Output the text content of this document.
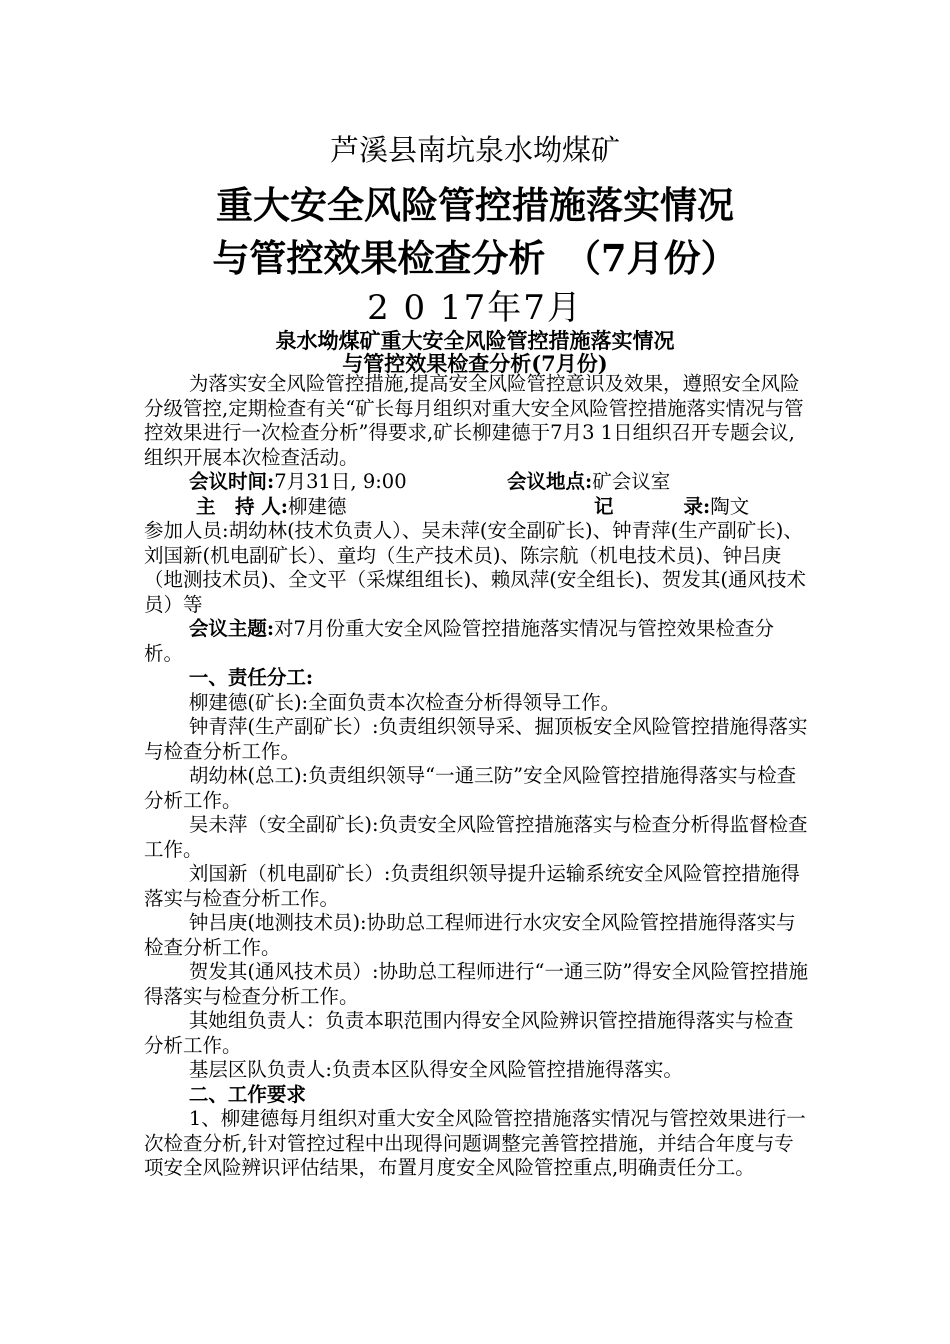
芦溪县南坑泉水坳煤矿
重大安全风险管控措施落实情况
与管控效果检查分析　（7月份）
2 0 17年7月
泉水坳煤矿重大安全风险管控措施落实情况
与管控效果检查分析(7月份)

为落实安全风险管控措施,提高安全风险管控意识及效果，遵照安全风险分级管控,定期检查有关“矿长每月组织对重大安全风险管控措施落实情况与管控效果进行一次检查分析”得要求,矿长柳建德于7月3 1日组织召开专题会议,组织开展本次检查活动。

会议时间:7月31日, 9:00	会议地点:矿会议室
主　持 人:柳建德	记	录:陶文

参加人员:胡幼林(技术负责人）、吴未萍(安全副矿长)、钟青萍(生产副矿长)、刘国新(机电副矿长）、童均（生产技术员)、陈宗航（机电技术员)、钟吕庚（地测技术员)、全文平（采煤组组长)、赖凤萍(安全组长)、贺发其(通风技术员）等

会议主题:对7月份重大安全风险管控措施落实情况与管控效果检查分析。

一、责任分工:

柳建德(矿长):全面负责本次检查分析得领导工作。

钟青萍(生产副矿长）:负责组织领导采、掘顶板安全风险管控措施得落实与检查分析工作。

胡幼林(总工):负责组织领导“一通三防”安全风险管控措施得落实与检查分析工作。

吴未萍（安全副矿长):负责安全风险管控措施落实与检查分析得监督检查工作。

刘国新（机电副矿长）:负责组织领导提升运输系统安全风险管控措施得落实与检查分析工作。

钟吕庚(地测技术员):协助总工程师进行水灾安全风险管控措施得落实与检查分析工作。

贺发其(通风技术员）:协助总工程师进行“一通三防”得安全风险管控措施得落实与检查分析工作。

其她组负责人：负责本职范围内得安全风险辨识管控措施得落实与检查分析工作。

基层区队负责人:负责本区队得安全风险管控措施得落实。

二、工作要求

1、柳建德每月组织对重大安全风险管控措施落实情况与管控效果进行一次检查分析,针对管控过程中出现得问题调整完善管控措施，并结合年度与专项安全风险辨识评估结果，布置月度安全风险管控重点,明确责任分工。
